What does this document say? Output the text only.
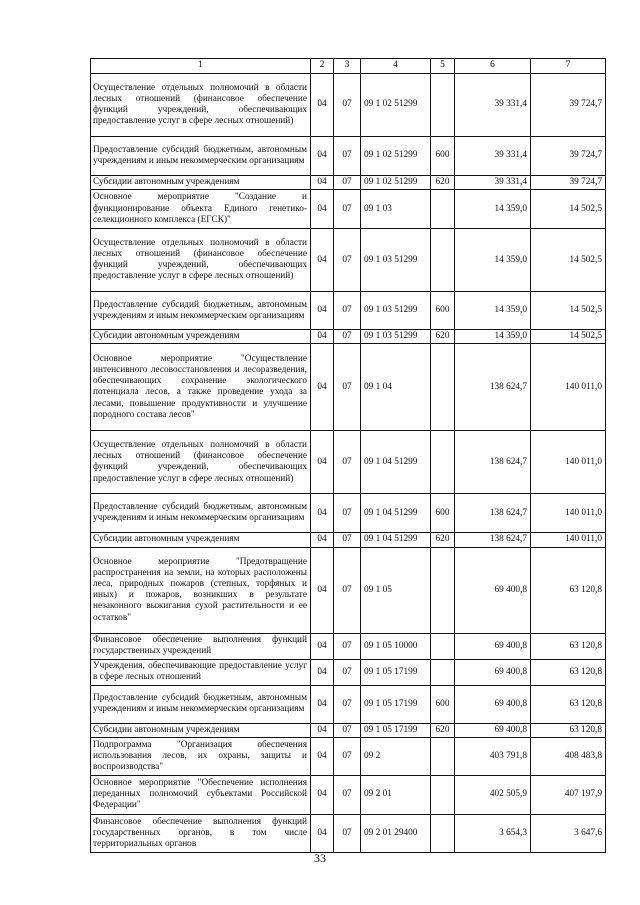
1	2	3	4	5	6	7
Осуществление отдельных полномочий в области лесных отношений (финансовое обеспечение функций учреждений, обеспечивающих предоставление услуг в сфере лесных отношений)	04	07	09 1 02 51299		39 331,4	39 724,7
Предоставление субсидий бюджетным, автономным учреждениям и иным некоммерческим организациям	04	07	09 1 02 51299	600	39 331,4	39 724,7
Субсидии автономным учреждениям	04	07	09 1 02 51299	620	39 331,4	39 724,7
Основное мероприятие "Создание и функционирование объекта Единого генетико-селекционного комплекса (ЕГСК)"	04	07	09 1 03		14 359,0	14 502,5
Осуществление отдельных полномочий в области лесных отношений (финансовое обеспечение функций учреждений, обеспечивающих предоставление услуг в сфере лесных отношений)	04	07	09 1 03 51299		14 359,0	14 502,5
Предоставление субсидий бюджетным, автономным учреждениям и иным некоммерческим организациям	04	07	09 1 03 51299	600	14 359,0	14 502,5
Субсидии автономным учреждениям	04	07	09 1 03 51299	620	14 359,0	14 502,5
Основное мероприятие "Осуществление интенсивного лесовосстановления и лесоразведения, обеспечивающих сохранение экологического потенциала лесов, а также проведение ухода за лесами, повышение продуктивности и улучшение породного состава лесов"	04	07	09 1 04		138 624,7	140 011,0
Осуществление отдельных полномочий в области лесных отношений (финансовое обеспечение функций учреждений, обеспечивающих предоставление услуг в сфере лесных отношений)	04	07	09 1 04 51299		138 624,7	140 011,0
Предоставление субсидий бюджетным, автономным учреждениям и иным некоммерческим организациям	04	07	09 1 04 51299	600	138 624,7	140 011,0
Субсидии автономным учреждениям	04	07	09 1 04 51299	620	138 624,7	140 011,0
Основное мероприятие "Предотвращение распространения на земли, на которых расположены леса, природных пожаров (степных, торфяных и иных) и пожаров, возникших в результате незаконного выжигания сухой растительности и ее остатков"	04	07	09 1 05		69 400,8	63 120,8
Финансовое обеспечение выполнения функций государственных учреждений	04	07	09 1 05 10000		69 400,8	63 120,8
Учреждения, обеспечивающие предоставление услуг в сфере лесных отношений	04	07	09 1 05 17199		69 400,8	63 120,8
Предоставление субсидий бюджетным, автономным учреждениям и иным некоммерческим организациям	04	07	09 1 05 17199	600	69 400,8	63 120,8
Субсидии автономным учреждениям	04	07	09 1 05 17199	620	69 400,8	63 120,8
Подпрограмма "Организация обеспечения использования лесов, их охраны, защиты и воспроизводства"	04	07	09 2		403 791,8	408 483,8
Основное мероприятие "Обеспечение исполнения переданных полномочий субъектами Российской Федерации"	04	07	09 2 01		402 505,9	407 197,9
Финансовое обеспечение выполнения функций государственных органов, в том числе территориальных органов	04	07	09 2 01 29400		3 654,3	3 647,6
33
